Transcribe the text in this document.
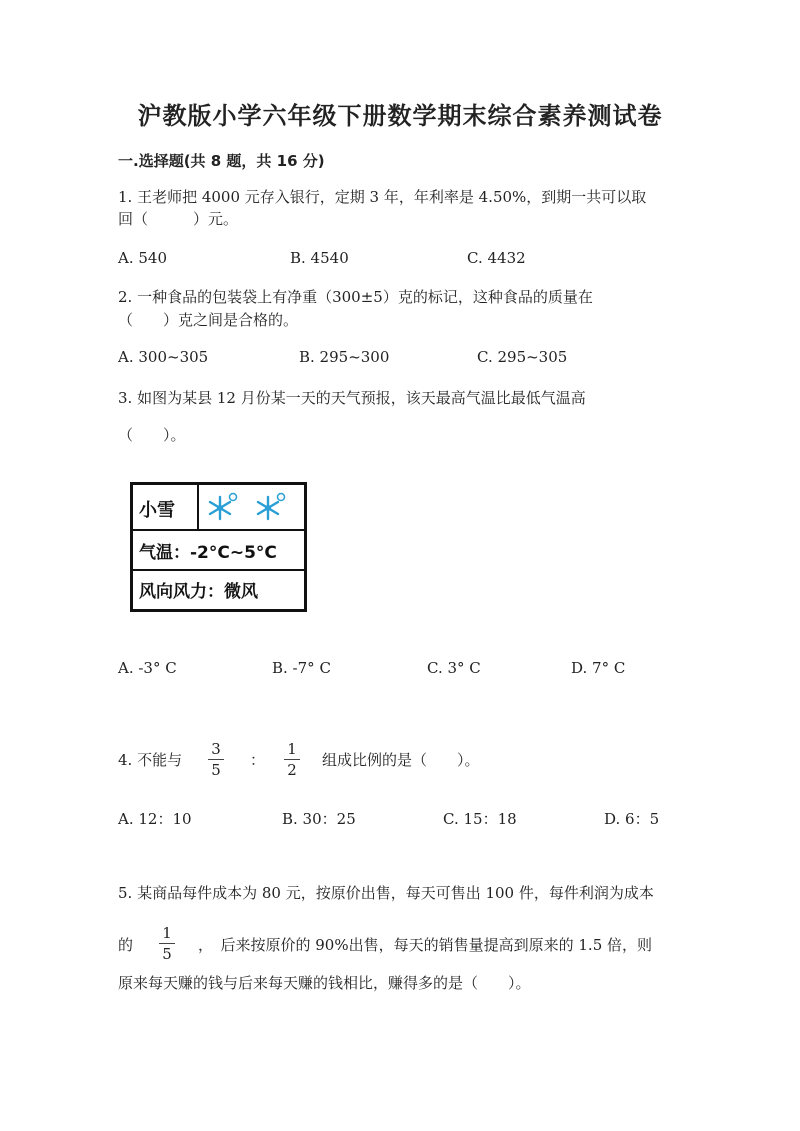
沪教版小学六年级下册数学期末综合素养测试卷
一.选择题(共 8 题，共 16 分)
1. 王老师把 4000 元存入银行，定期 3 年，年利率是 4.50%，到期一共可以取
回（　　　）元。
A. 540	B. 4540	C. 4432
2. 一种食品的包装袋上有净重（300±5）克的标记，这种食品的质量在
（　　）克之间是合格的。
A. 300~305	B. 295~300	C. 295~305
3. 如图为某县 12 月份某一天的天气预报，该天最高气温比最低气温高
（　　）。
小雪
气温：-2°C~5°C
风向风力：微风
A. -3° C	B. -7° C	C. 3° C	D. 7° C
4. 不能与
3
5
：
1
2
组成比例的是（　　）。
A. 12：10	B. 30：25	C. 15：18	D. 6：5
5. 某商品每件成本为 80 元，按原价出售，每天可售出 100 件，每件利润为成本
的
1
5	，　后来按原价的 90%出售，每天的销售量提高到原来的 1.5 倍，则
原来每天赚的钱与后来每天赚的钱相比，赚得多的是（　　）。
